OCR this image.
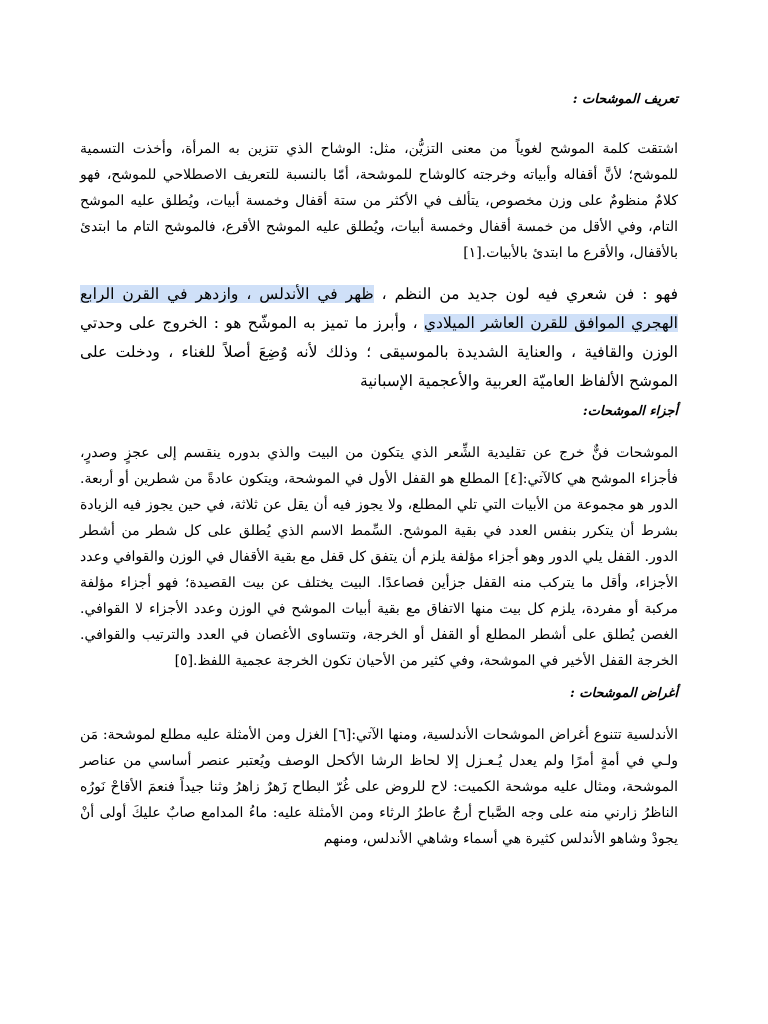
تعريف الموشحات :

اشتقت كلمة الموشح لغوياً من معنى التزيُّن، مثل: الوشاح الذي تتزين به المرأة، وأخذت التسمية للموشح؛ لأنَّ أقفاله وأبياته وخرجته كالوشاح للموشحة، أمّا بالنسبة للتعريف الاصطلاحي للموشح، فهو كلامٌ منظومٌ على وزن مخصوص، يتألف في الأكثر من ستة أقفال وخمسة أبيات، ويُطلق عليه الموشح التام، وفي الأقل من خمسة أقفال وخمسة أبيات، ويُطلق عليه الموشح الأقرع، فالموشح التام ما ابتدئ بالأقفال، والأقرع ما ابتدئ بالأبيات.[١]

فهو : فن شعري فيه لون جديد من النظم ، ظهر في الأندلس ، وازدهر في القرن الرابع الهجري الموافق للقرن العاشر الميلادي ، وأبرز ما تميز به الموشّح هو : الخروج على وحدتي الوزن والقافية ، والعناية الشديدة بالموسيقى ؛ وذلك لأنه وُضِعَ أصلاً للغناء ، ودخلت على الموشح الألفاظ العاميّة العربية والأعجمية الإسبانية

أجزاء الموشحات:

الموشحات فنٌّ خرج عن تقليدية الشِّعر الذي يتكون من البيت والذي بدوره ينقسم إلى عجزٍ وصدرٍ، فأجزاء الموشح هي كالآتي:[٤] المطلع هو القفل الأول في الموشحة، ويتكون عادةً من شطرين أو أربعة. الدور هو مجموعة من الأبيات التي تلي المطلع، ولا يجوز فيه أن يقل عن ثلاثة، في حين يجوز فيه الزيادة بشرط أن يتكرر بنفس العدد في بقية الموشح. السِّمط الاسم الذي يُطلق على كل شطر من أشطر الدور. القفل يلي الدور وهو أجزاء مؤلفة يلزم أن يتفق كل قفل مع بقية الأقفال في الوزن والقوافي وعدد الأجزاء، وأقل ما يتركب منه القفل جزأين فصاعدًا. البيت يختلف عن بيت القصيدة؛ فهو أجزاء مؤلفة مركبة أو مفردة، يلزم كل بيت منها الاتفاق مع بقية أبيات الموشح في الوزن وعدد الأجزاء لا القوافي. الغصن يُطلق على أشطر المطلع أو القفل أو الخرجة، وتتساوى الأغصان في العدد والترتيب والقوافي. الخرجة القفل الأخير في الموشحة، وفي كثير من الأحيان تكون الخرجة عجمية اللفظ.[٥]

أغراض الموشحات :

الأندلسية تتنوع أغراض الموشحات الأندلسية، ومنها الآتي:[٦] الغزل ومن الأمثلة عليه مطلع لموشحة: مَن ولـي في أمةٍ أمرًا ولم يعدل يُـعـزل إلا لحاظ الرشا الأكحل الوصف ويُعتبر عنصر أساسي من عناصر الموشحة، ومثال عليه موشحة الكميت: لاح للروض على غُرّ البطاح زَهرٌ زاهرُ وثنا جيداً فنعمَ الأقاحْ نَورُه الناظرُ زارني منه على وجه الصَّباح أرجٌ عاطرُ الرثاء ومن الأمثلة عليه: ماءُ المدامع صابٌ عليكَ أولى أنْ يجودْ وشاهو الأندلس كثيرة هي أسماء وشاهي الأندلس، ومنهم
